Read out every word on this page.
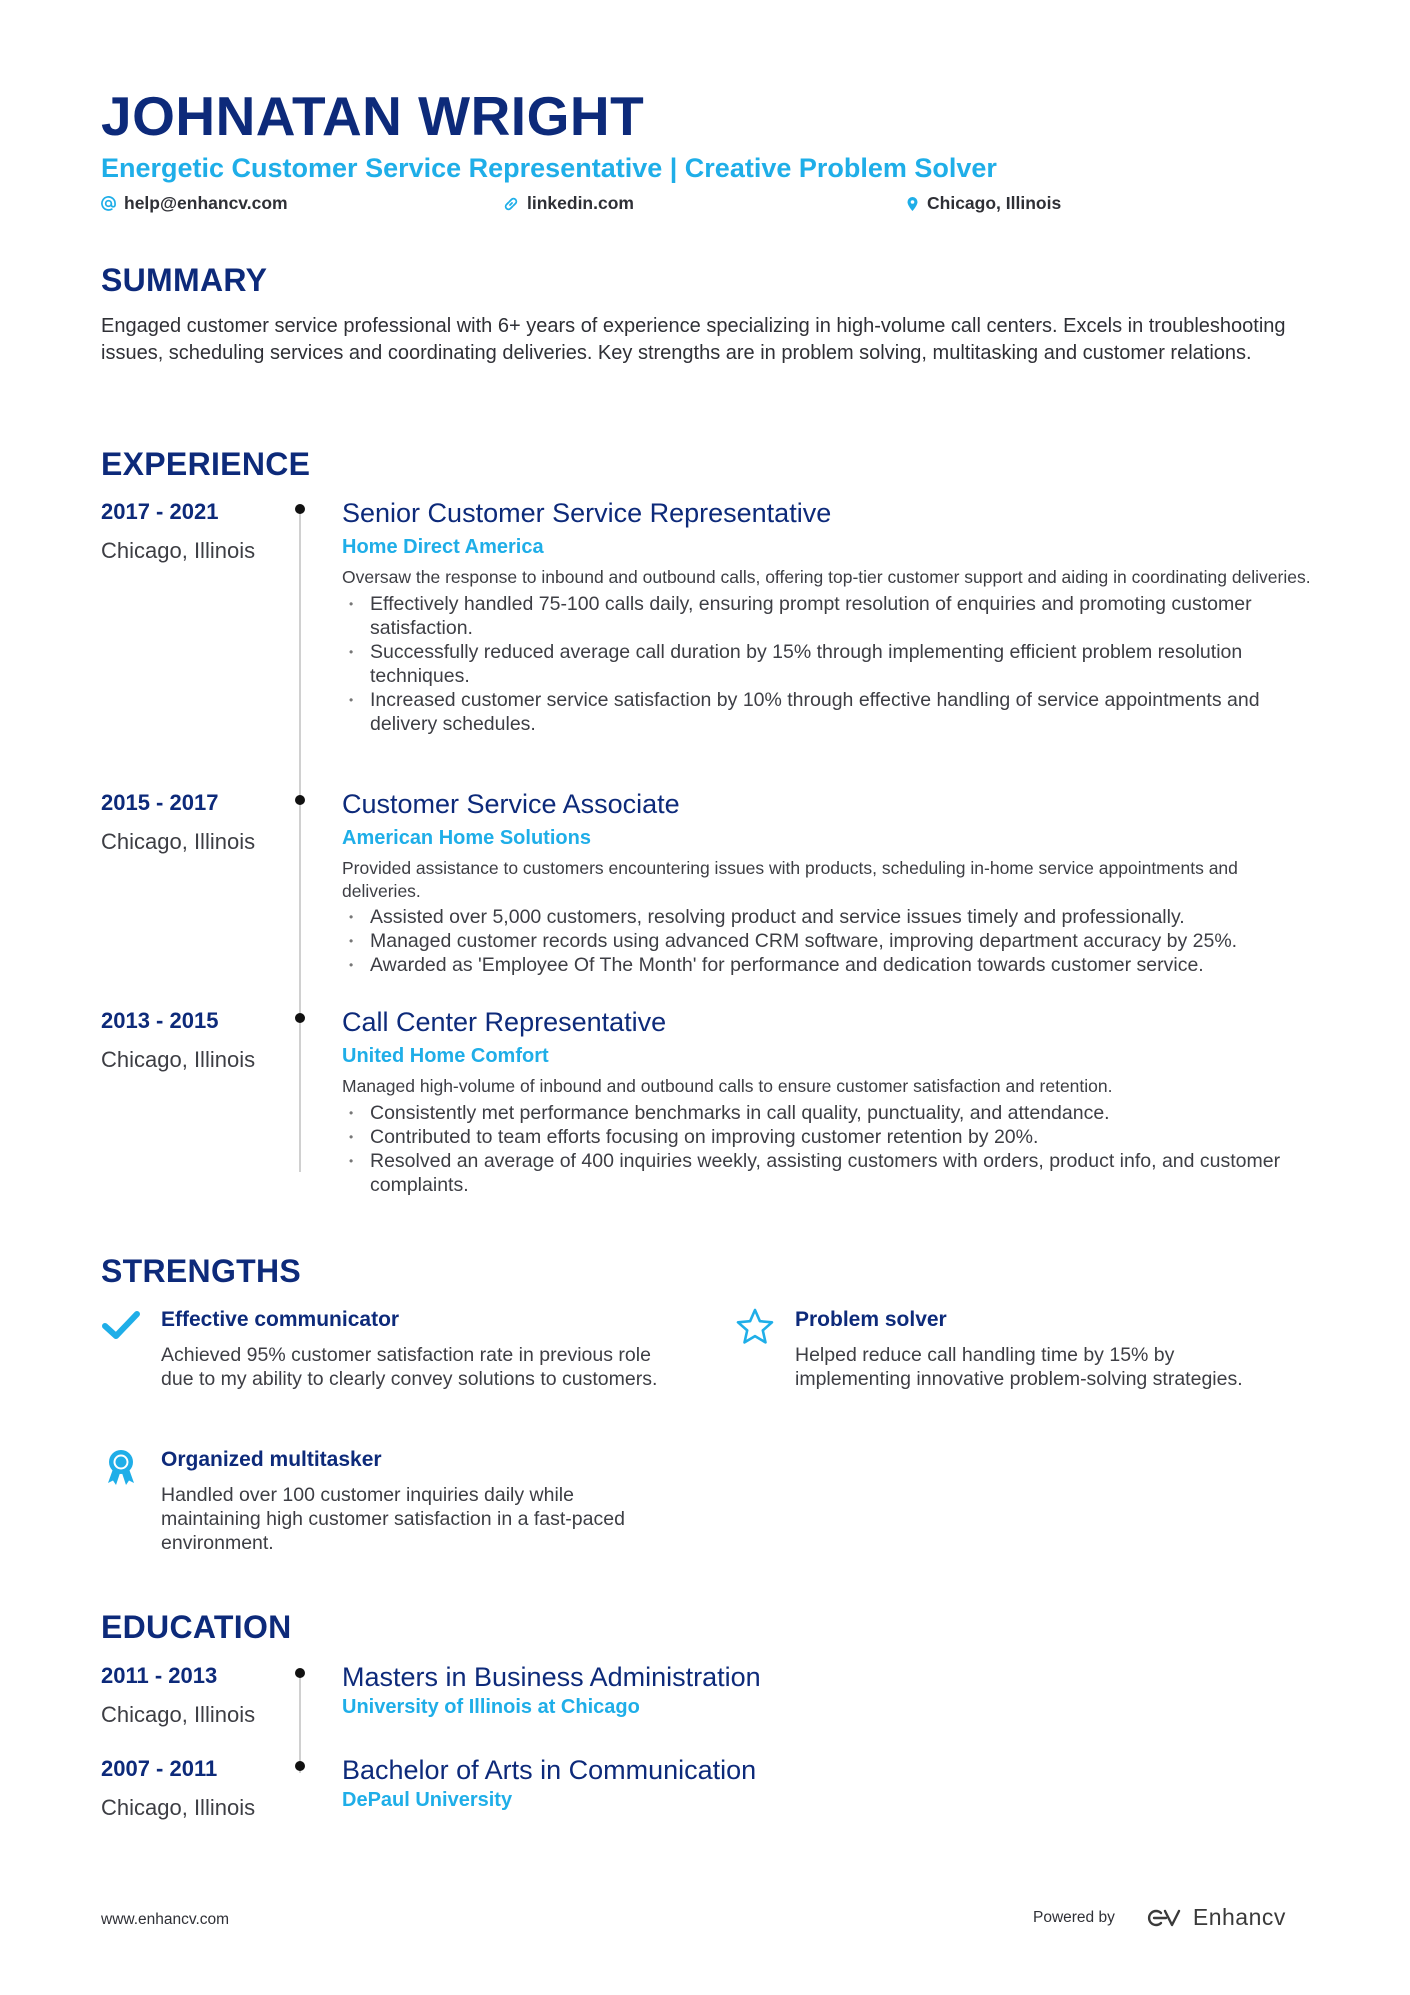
JOHNATAN WRIGHT
Energetic Customer Service Representative | Creative Problem Solver
help@enhancv.com	linkedin.com	Chicago, Illinois
SUMMARY
Engaged customer service professional with 6+ years of experience specializing in high-volume call centers. Excels in troubleshooting issues, scheduling services and coordinating deliveries. Key strengths are in problem solving, multitasking and customer relations.
EXPERIENCE
2017 - 2021
Chicago, Illinois
Senior Customer Service Representative
Home Direct America
Oversaw the response to inbound and outbound calls, offering top-tier customer support and aiding in coordinating deliveries.
• Effectively handled 75-100 calls daily, ensuring prompt resolution of enquiries and promoting customer satisfaction.
• Successfully reduced average call duration by 15% through implementing efficient problem resolution techniques.
• Increased customer service satisfaction by 10% through effective handling of service appointments and delivery schedules.
2015 - 2017
Chicago, Illinois
Customer Service Associate
American Home Solutions
Provided assistance to customers encountering issues with products, scheduling in-home service appointments and deliveries.
• Assisted over 5,000 customers, resolving product and service issues timely and professionally.
• Managed customer records using advanced CRM software, improving department accuracy by 25%.
• Awarded as 'Employee Of The Month' for performance and dedication towards customer service.
2013 - 2015
Chicago, Illinois
Call Center Representative
United Home Comfort
Managed high-volume of inbound and outbound calls to ensure customer satisfaction and retention.
• Consistently met performance benchmarks in call quality, punctuality, and attendance.
• Contributed to team efforts focusing on improving customer retention by 20%.
• Resolved an average of 400 inquiries weekly, assisting customers with orders, product info, and customer complaints.
STRENGTHS
Effective communicator
Achieved 95% customer satisfaction rate in previous role due to my ability to clearly convey solutions to customers.
Problem solver
Helped reduce call handling time by 15% by implementing innovative problem-solving strategies.
Organized multitasker
Handled over 100 customer inquiries daily while maintaining high customer satisfaction in a fast-paced environment.
EDUCATION
2011 - 2013
Chicago, Illinois
Masters in Business Administration
University of Illinois at Chicago
2007 - 2011
Chicago, Illinois
Bachelor of Arts in Communication
DePaul University
www.enhancv.com	Powered by	Enhancv
